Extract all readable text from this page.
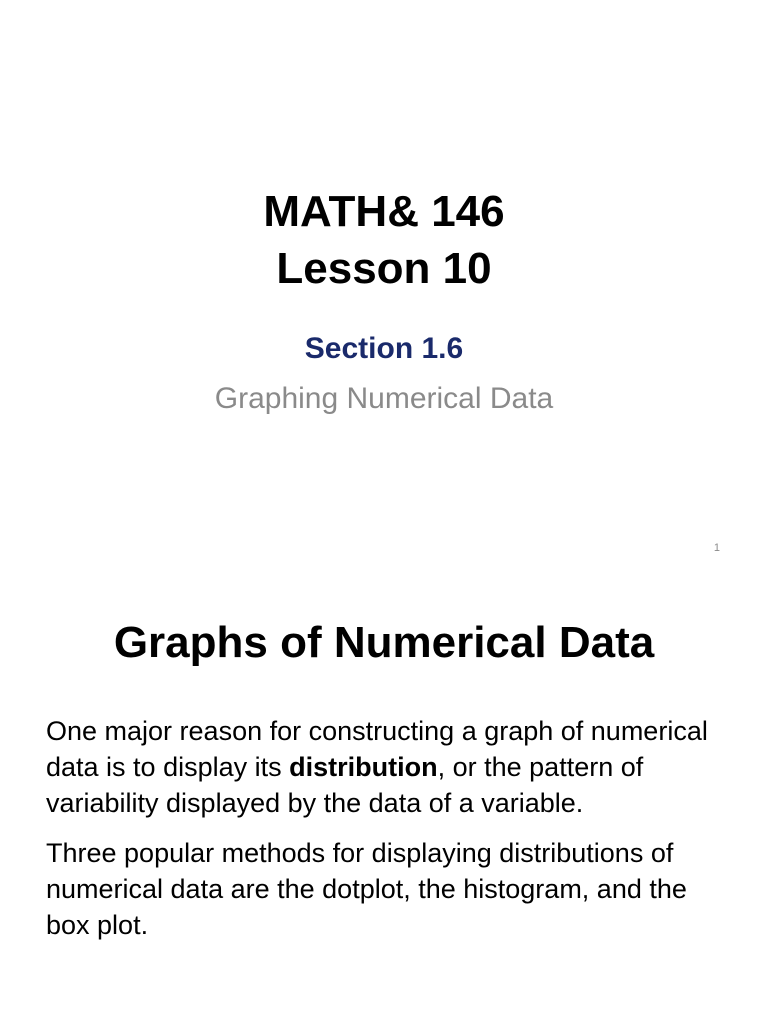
MATH& 146
Lesson 10
Section 1.6
Graphing Numerical Data
1
Graphs of Numerical Data

One major reason for constructing a graph of numerical data is to display its distribution, or the pattern of variability displayed by the data of a variable.

Three popular methods for displaying distributions of numerical data are the dotplot, the histogram, and the box plot.
